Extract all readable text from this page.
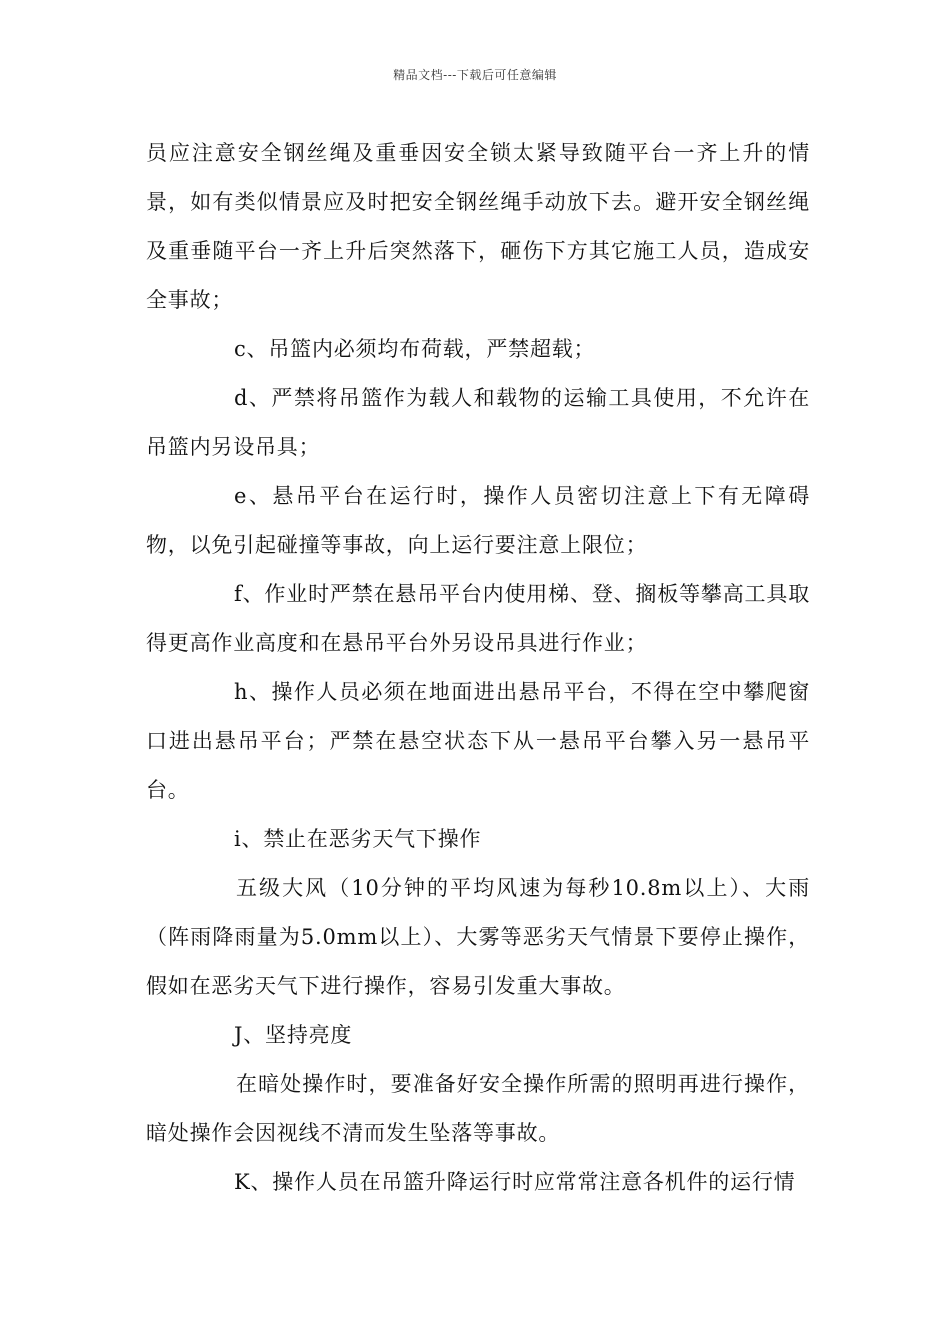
精品文档---下载后可任意编辑

员应注意安全钢丝绳及重垂因安全锁太紧导致随平台一齐上升的情景，如有类似情景应及时把安全钢丝绳手动放下去。避开安全钢丝绳及重垂随平台一齐上升后突然落下，砸伤下方其它施工人员，造成安全事故；

c、吊篮内必须均布荷载，严禁超载；

d、严禁将吊篮作为载人和载物的运输工具使用，不允许在吊篮内另设吊具；

e、悬吊平台在运行时，操作人员密切注意上下有无障碍物，以免引起碰撞等事故，向上运行要注意上限位；

f、作业时严禁在悬吊平台内使用梯、登、搁板等攀高工具取得更高作业高度和在悬吊平台外另设吊具进行作业；

h、操作人员必须在地面进出悬吊平台，不得在空中攀爬窗口进出悬吊平台；严禁在悬空状态下从一悬吊平台攀入另一悬吊平台。

i、禁止在恶劣天气下操作

五级大风（10分钟的平均风速为每秒10.8m以上）、大雨（阵雨降雨量为5.0mm以上）、大雾等恶劣天气情景下要停止操作，假如在恶劣天气下进行操作，容易引发重大事故。

J、坚持亮度

在暗处操作时，要准备好安全操作所需的照明再进行操作，暗处操作会因视线不清而发生坠落等事故。

K、操作人员在吊篮升降运行时应常常注意各机件的运行情
